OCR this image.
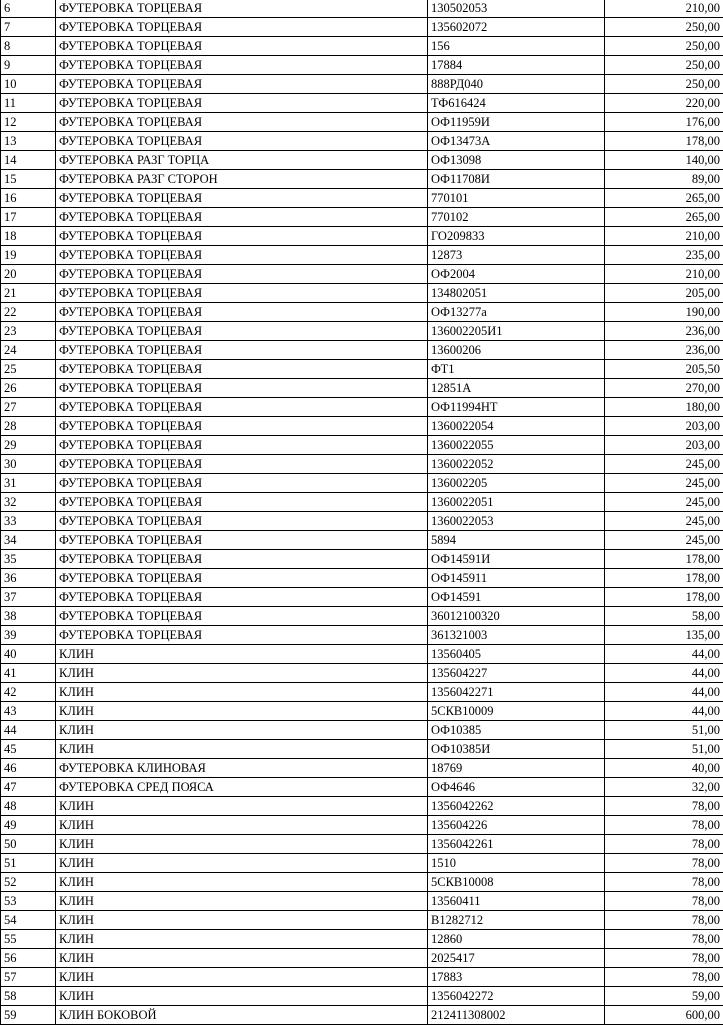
6	ФУТЕРОВКА ТОРЦЕВАЯ	130502053	210,00
7	ФУТЕРОВКА ТОРЦЕВАЯ	135602072	250,00
8	ФУТЕРОВКА ТОРЦЕВАЯ	156	250,00
9	ФУТЕРОВКА ТОРЦЕВАЯ	17884	250,00
10	ФУТЕРОВКА ТОРЦЕВАЯ	888РД040	250,00
11	ФУТЕРОВКА ТОРЦЕВАЯ	ТФ616424	220,00
12	ФУТЕРОВКА ТОРЦЕВАЯ	ОФ11959И	176,00
13	ФУТЕРОВКА ТОРЦЕВАЯ	ОФ13473А	178,00
14	ФУТЕРОВКА РАЗГ ТОРЦА	ОФ13098	140,00
15	ФУТЕРОВКА РАЗГ СТОРОН	ОФ11708И	89,00
16	ФУТЕРОВКА ТОРЦЕВАЯ	770101	265,00
17	ФУТЕРОВКА ТОРЦЕВАЯ	770102	265,00
18	ФУТЕРОВКА ТОРЦЕВАЯ	ГО209833	210,00
19	ФУТЕРОВКА ТОРЦЕВАЯ	12873	235,00
20	ФУТЕРОВКА ТОРЦЕВАЯ	ОФ2004	210,00
21	ФУТЕРОВКА ТОРЦЕВАЯ	134802051	205,00
22	ФУТЕРОВКА ТОРЦЕВАЯ	ОФ13277а	190,00
23	ФУТЕРОВКА ТОРЦЕВАЯ	136002205И1	236,00
24	ФУТЕРОВКА ТОРЦЕВАЯ	13600206	236,00
25	ФУТЕРОВКА ТОРЦЕВАЯ	ФТ1	205,50
26	ФУТЕРОВКА ТОРЦЕВАЯ	12851А	270,00
27	ФУТЕРОВКА ТОРЦЕВАЯ	ОФ11994НТ	180,00
28	ФУТЕРОВКА ТОРЦЕВАЯ	1360022054	203,00
29	ФУТЕРОВКА ТОРЦЕВАЯ	1360022055	203,00
30	ФУТЕРОВКА ТОРЦЕВАЯ	1360022052	245,00
31	ФУТЕРОВКА ТОРЦЕВАЯ	136002205	245,00
32	ФУТЕРОВКА ТОРЦЕВАЯ	1360022051	245,00
33	ФУТЕРОВКА ТОРЦЕВАЯ	1360022053	245,00
34	ФУТЕРОВКА ТОРЦЕВАЯ	5894	245,00
35	ФУТЕРОВКА ТОРЦЕВАЯ	ОФ14591И	178,00
36	ФУТЕРОВКА ТОРЦЕВАЯ	ОФ145911	178,00
37	ФУТЕРОВКА ТОРЦЕВАЯ	ОФ14591	178,00
38	ФУТЕРОВКА ТОРЦЕВАЯ	36012100320	58,00
39	ФУТЕРОВКА ТОРЦЕВАЯ	361321003	135,00
40	КЛИН	13560405	44,00
41	КЛИН	135604227	44,00
42	КЛИН	1356042271	44,00
43	КЛИН	5СКВ10009	44,00
44	КЛИН	ОФ10385	51,00
45	КЛИН	ОФ10385И	51,00
46	ФУТЕРОВКА КЛИНОВАЯ	18769	40,00
47	ФУТЕРОВКА СРЕД ПОЯСА	ОФ4646	32,00
48	КЛИН	1356042262	78,00
49	КЛИН	135604226	78,00
50	КЛИН	1356042261	78,00
51	КЛИН	1510	78,00
52	КЛИН	5СКВ10008	78,00
53	КЛИН	13560411	78,00
54	КЛИН	В1282712	78,00
55	КЛИН	12860	78,00
56	КЛИН	2025417	78,00
57	КЛИН	17883	78,00
58	КЛИН	1356042272	59,00
59	КЛИН БОКОВОЙ	212411308002	600,00
